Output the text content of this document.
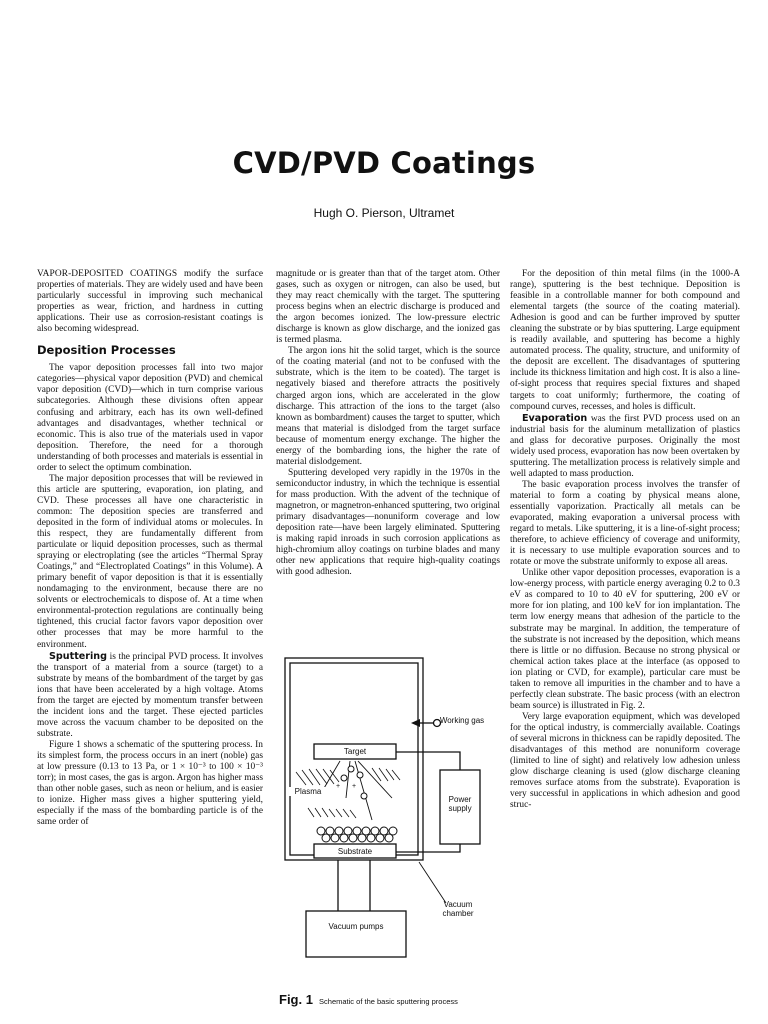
CVD/PVD Coatings
Hugh O. Pierson, Ultramet

VAPOR-DEPOSITED COATINGS modify the surface properties of materials. They are widely used and have been particularly successful in improving such mechanical properties as wear, friction, and hardness in cutting applications. Their use as corrosion-resistant coatings is also becoming widespread.

Deposition Processes

The vapor deposition processes fall into two major categories—physical vapor deposition (PVD) and chemical vapor deposition (CVD)—which in turn comprise various subcategories. Although these divisions often appear confusing and arbitrary, each has its own well-defined advantages and disadvantages, whether technical or economic. This is also true of the materials used in vapor deposition. Therefore, the need for a thorough understanding of both processes and materials is essential in order to select the optimum combination.

The major deposition processes that will be reviewed in this article are sputtering, evaporation, ion plating, and CVD. These processes all have one characteristic in common: The deposition species are transferred and deposited in the form of individual atoms or molecules. In this respect, they are fundamentally different from particulate or liquid deposition processes, such as thermal spraying or electroplating (see the articles “Thermal Spray Coatings,” and “Electroplated Coatings” in this Volume). A primary benefit of vapor deposition is that it is essentially nondamaging to the environment, because there are no solvents or electrochemicals to dispose of. At a time when environmental-protection regulations are continually being tightened, this crucial factor favors vapor deposition over other processes that may be more harmful to the environment.

Sputtering is the principal PVD process. It involves the transport of a material from a source (target) to a substrate by means of the bombardment of the target by gas ions that have been accelerated by a high voltage. Atoms from the target are ejected by momentum transfer between the incident ions and the target. These ejected particles move across the vacuum chamber to be deposited on the substrate.

Figure 1 shows a schematic of the sputtering process. In its simplest form, the process occurs in an inert (noble) gas at low pressure (0.13 to 13 Pa, or 1 × 10⁻³ to 100 × 10⁻³ torr); in most cases, the gas is argon. Argon has higher mass than other noble gases, such as neon or helium, and is easier to ionize. Higher mass gives a higher sputtering yield, especially if the mass of the bombarding particle is of the same order of

magnitude or is greater than that of the target atom. Other gases, such as oxygen or nitrogen, can also be used, but they may react chemically with the target. The sputtering process begins when an electric discharge is produced and the argon becomes ionized. The low-pressure electric discharge is known as glow discharge, and the ionized gas is termed plasma.

The argon ions hit the solid target, which is the source of the coating material (and not to be confused with the substrate, which is the item to be coated). The target is negatively biased and therefore attracts the positively charged argon ions, which are accelerated in the glow discharge. This attraction of the ions to the target (also known as bombardment) causes the target to sputter, which means that material is dislodged from the target surface because of momentum energy exchange. The higher the energy of the bombarding ions, the higher the rate of material dislodgement.

Sputtering developed very rapidly in the 1970s in the semiconductor industry, in which the technique is essential for mass production. With the advent of the technique of magnetron, or magnetron-enhanced sputtering, two original primary disadvantages—nonuniform coverage and low deposition rate—have been largely eliminated. Sputtering is making rapid inroads in such corrosion applications as high-chromium alloy coatings on turbine blades and many other new applications that require high-quality coatings with good adhesion.

For the deposition of thin metal films (in the 1000-Å range), sputtering is the best technique. Deposition is feasible in a controllable manner for both compound and elemental targets (the source of the coating material). Adhesion is good and can be further improved by sputter cleaning the substrate or by bias sputtering. Large equipment is readily available, and sputtering has become a highly automated process. The quality, structure, and uniformity of the deposit are excellent. The disadvantages of sputtering include its thickness limitation and high cost. It is also a line-of-sight process that requires special fixtures and shaped targets to coat uniformly; furthermore, the coating of compound curves, recesses, and holes is difficult.

Evaporation was the first PVD process used on an industrial basis for the aluminum metallization of plastics and glass for decorative purposes. Originally the most widely used process, evaporation has now been overtaken by sputtering. The metallization process is relatively simple and well adapted to mass production.

The basic evaporation process involves the transfer of material to form a coating by physical means alone, essentially vaporization. Practically all metals can be evaporated, making evaporation a universal process with regard to metals. Like sputtering, it is a line-of-sight process; therefore, to achieve efficiency of coverage and uniformity, it is necessary to use multiple evaporation sources and to rotate or move the substrate uniformly to expose all areas.

Unlike other vapor deposition processes, evaporation is a low-energy process, with particle energy averaging 0.2 to 0.3 eV as compared to 10 to 40 eV for sputtering, 200 eV or more for ion plating, and 100 keV for ion implantation. The term low energy means that adhesion of the particle to the substrate may be marginal. In addition, the temperature of the substrate is not increased by the deposition, which means there is little or no diffusion. Because no strong physical or chemical action takes place at the interface (as opposed to ion plating or CVD, for example), particular care must be taken to remove all impurities in the chamber and to have a perfectly clean substrate. The basic process (with an electron beam source) is illustrated in Fig. 2.

Very large evaporation equipment, which was developed for the optical industry, is commercially available. Coatings of several microns in thickness can be rapidly deposited. The disadvantages of this method are nonuniform coverage (limited to line of sight) and relatively low adhesion unless glow discharge cleaning is used (glow discharge cleaning removes surface atoms from the substrate). Evaporation is very successful in applications in which adhesion and good struc-

+ +
Working gas
Target
Plasma
Power supply
Substrate
Vacuum chamber
Vacuum pumps
Fig. 1 Schematic of the basic sputtering process
